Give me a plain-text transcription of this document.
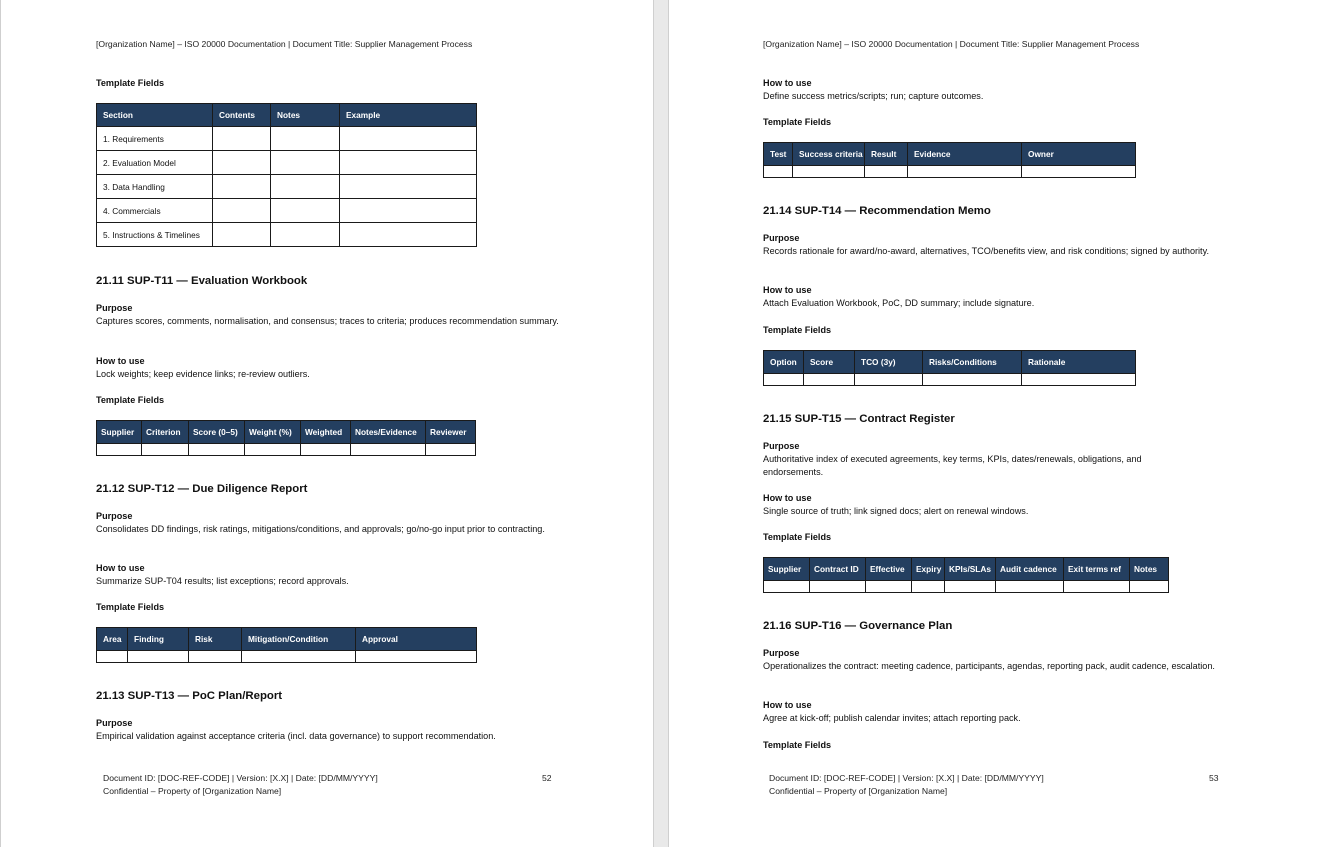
[Organization Name] – ISO 20000 Documentation | Document Title: Supplier Management Process
Template Fields
Section	Contents	Notes	Example
1. Requirements			
2. Evaluation Model			
3. Data Handling			
4. Commercials			
5. Instructions & Timelines			
21.11 SUP-T11 — Evaluation Workbook
Purpose
Captures scores, comments, normalisation, and consensus; traces to criteria; produces recommendation summary.
How to use
Lock weights; keep evidence links; re-review outliers.
Template Fields
Supplier	Criterion	Score (0–5)	Weight (%)	Weighted	Notes/Evidence	Reviewer

21.12 SUP-T12 — Due Diligence Report
Purpose
Consolidates DD findings, risk ratings, mitigations/conditions, and approvals; go/no-go input prior to contracting.
How to use
Summarize SUP-T04 results; list exceptions; record approvals.
Template Fields
Area	Finding	Risk	Mitigation/Condition	Approval

21.13 SUP-T13 — PoC Plan/Report
Purpose
Empirical validation against acceptance criteria (incl. data governance) to support recommendation.
Document ID: [DOC-REF-CODE] | Version: [X.X] | Date: [DD/MM/YYYY]
Confidential – Property of [Organization Name]
52
[Organization Name] – ISO 20000 Documentation | Document Title: Supplier Management Process
How to use
Define success metrics/scripts; run; capture outcomes.
Template Fields
Test	Success criteria	Result	Evidence	Owner

21.14 SUP-T14 — Recommendation Memo
Purpose
Records rationale for award/no-award, alternatives, TCO/benefits view, and risk conditions; signed by authority.
How to use
Attach Evaluation Workbook, PoC, DD summary; include signature.
Template Fields
Option	Score	TCO (3y)	Risks/Conditions	Rationale

21.15 SUP-T15 — Contract Register
Purpose
Authoritative index of executed agreements, key terms, KPIs, dates/renewals, obligations, and endorsements.
How to use
Single source of truth; link signed docs; alert on renewal windows.
Template Fields
Supplier	Contract ID	Effective	Expiry	KPIs/SLAs	Audit cadence	Exit terms ref	Notes

21.16 SUP-T16 — Governance Plan
Purpose
Operationalizes the contract: meeting cadence, participants, agendas, reporting pack, audit cadence, escalation.
How to use
Agree at kick-off; publish calendar invites; attach reporting pack.
Template Fields
Document ID: [DOC-REF-CODE] | Version: [X.X] | Date: [DD/MM/YYYY]
Confidential – Property of [Organization Name]
53
